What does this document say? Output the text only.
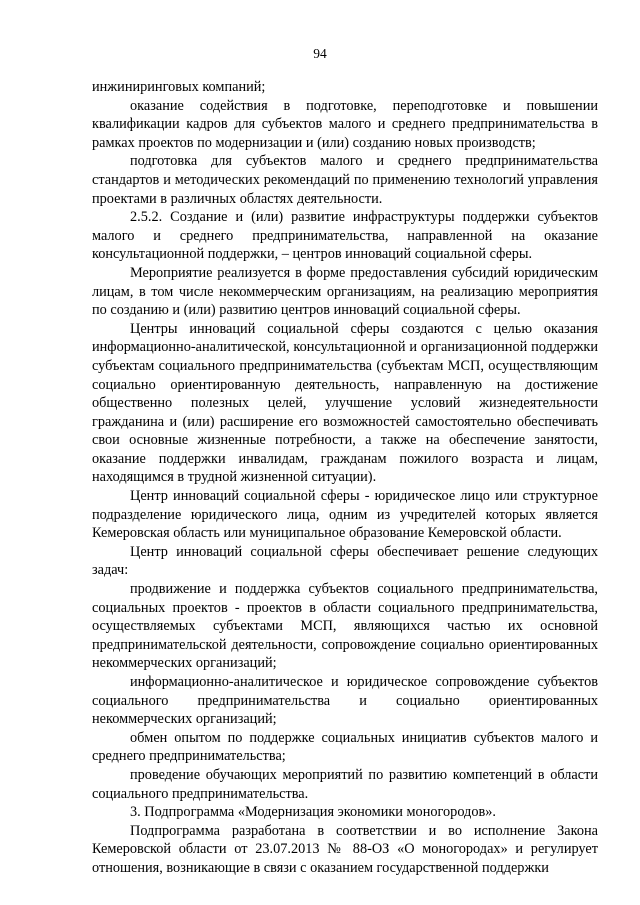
94

инжиниринговых компаний;

оказание содействия в подготовке, переподготовке и повышении квалификации кадров для субъектов малого и среднего предпринимательства в рамках проектов по модернизации и (или) созданию новых производств;

подготовка для субъектов малого и среднего предпринимательства стандартов и методических рекомендаций по применению технологий управления проектами в различных областях деятельности.

2.5.2. Создание и (или) развитие инфраструктуры поддержки субъектов малого и среднего предпринимательства, направленной на оказание консультационной поддержки, – центров инноваций социальной сферы.

Мероприятие реализуется в форме предоставления субсидий юридическим лицам, в том числе некоммерческим организациям, на реализацию мероприятия по созданию и (или) развитию центров инноваций социальной сферы.

Центры инноваций социальной сферы создаются с целью оказания информационно-аналитической, консультационной и организационной поддержки субъектам социального предпринимательства (субъектам МСП, осуществляющим социально ориентированную деятельность, направленную на достижение общественно полезных целей, улучшение условий жизнедеятельности гражданина и (или) расширение его возможностей самостоятельно обеспечивать свои основные жизненные потребности, а также на обеспечение занятости, оказание поддержки инвалидам, гражданам пожилого возраста и лицам, находящимся в трудной жизненной ситуации).

Центр инноваций социальной сферы - юридическое лицо или структурное подразделение юридического лица, одним из учредителей которых является Кемеровская область или муниципальное образование Кемеровской области.

Центр инноваций социальной сферы обеспечивает решение следующих задач:

продвижение и поддержка субъектов социального предпринимательства, социальных проектов - проектов в области социального предпринимательства, осуществляемых субъектами МСП, являющихся частью их основной предпринимательской деятельности, сопровождение социально ориентированных некоммерческих организаций;

информационно-аналитическое и юридическое сопровождение субъектов социального предпринимательства и социально ориентированных некоммерческих организаций;

обмен опытом по поддержке социальных инициатив субъектов малого и среднего предпринимательства;

проведение обучающих мероприятий по развитию компетенций в области социального предпринимательства.

3. Подпрограмма «Модернизация экономики моногородов».

Подпрограмма разработана в соответствии и во исполнение Закона Кемеровской области от 23.07.2013 № 88-ОЗ «О моногородах» и регулирует отношения, возникающие в связи с оказанием государственной поддержки
